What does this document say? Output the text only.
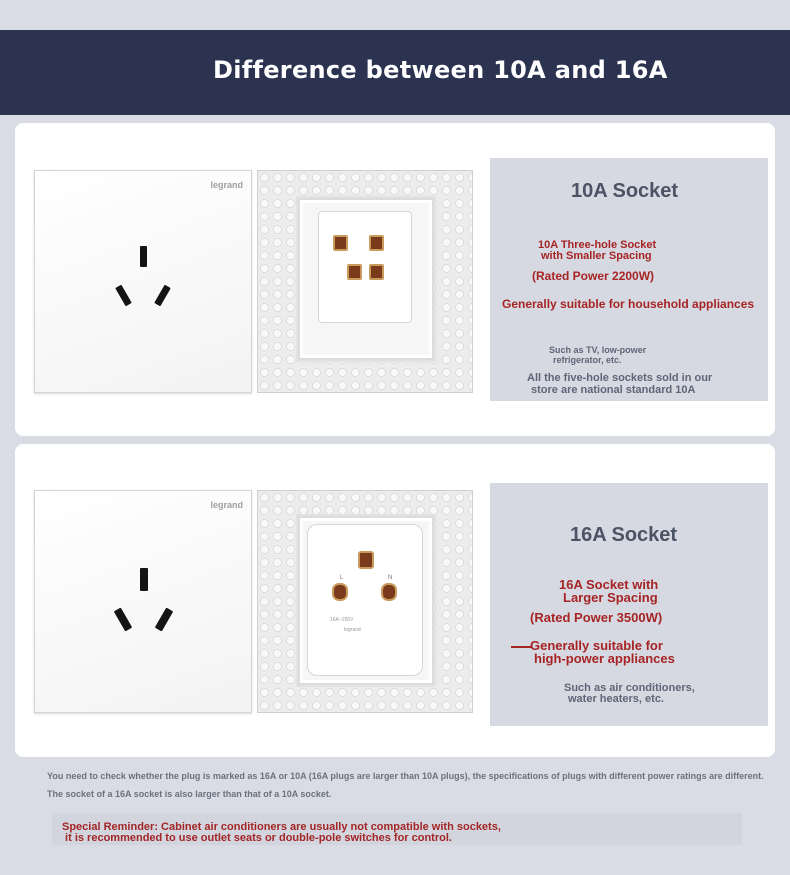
Difference between 10A and 16A
legrand	10A Socket
10A Three-hole Socket
with Smaller Spacing
(Rated Power 2200W)
Generally suitable for household appliances
Such as TV, low-power
refrigerator, etc.
All the five-hole sockets sold in our
store are national standard 10A
legrand
L	N
16A~250V
legrand
16A Socket
16A Socket with
Larger Spacing
(Rated Power 3500W)
Generally suitable for
high-power appliances
Such as air conditioners,
water heaters, etc.
You need to check whether the plug is marked as 16A or 10A (16A plugs are larger than 10A plugs), the specifications of plugs with different power ratings are different.
The socket of a 16A socket is also larger than that of a 10A socket.
Special Reminder: Cabinet air conditioners are usually not compatible with sockets,
it is recommended to use outlet seats or double-pole switches for control.
